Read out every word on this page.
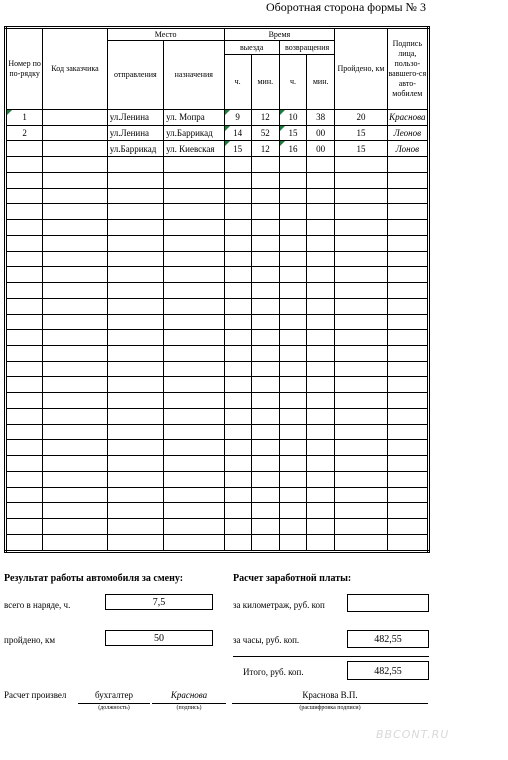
Оборотная сторона формы № 3
Номер по по-рядку	Код заказчика	Место		Время				Пройдено, км	Подпись лица, пользо-вавшего-ся авто-мобилем
		отправления	назначения	выезда		возвращения			
				ч.	мин.	ч.	мин.		
1		ул.Ленина	ул. Мопра	9	12	10	38	20	Краснова
2		ул.Ленина	ул.Баррикад	14	52	15	00	15	Леонов
		ул.Баррикад	ул. Киевская	15	12	16	00	15	Лонов

Результат работы автомобиля за смену:
всего в наряде, ч.	7,5
пройдено, км	50
Расчет заработной платы:
за километраж, руб. коп
за часы, руб. коп.	482,55
Итого, руб. коп.	482,55
Расчет произвел	бухгалтер	Краснова	Краснова В.П.
(должность)	(подпись)	(расшифровка подписи)
BBCONT.RU
